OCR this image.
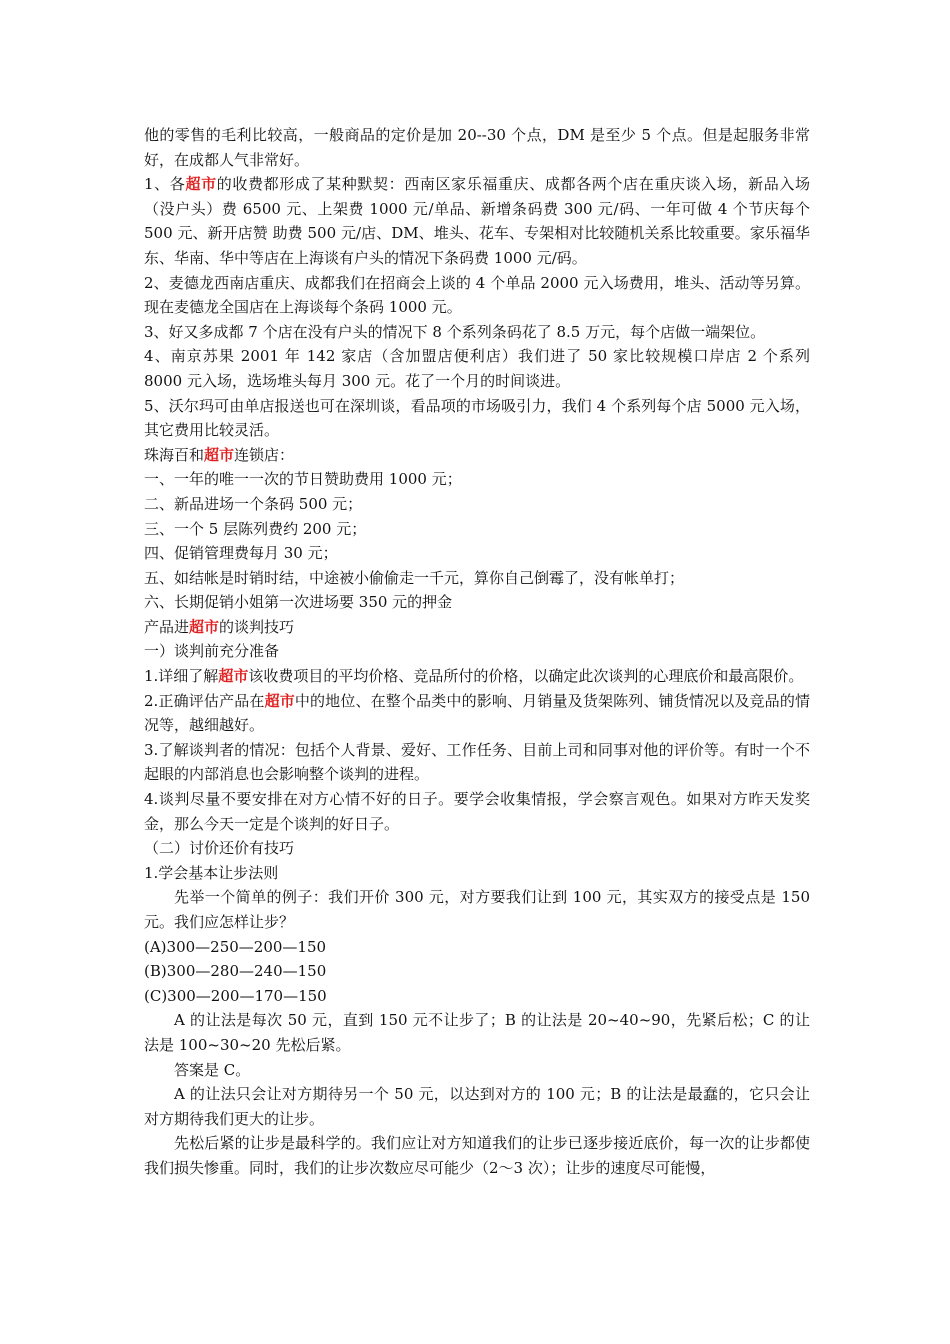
他的零售的毛利比较高，一般商品的定价是加 20--30 个点，DM 是至少 5 个点。但是起服务非常好，在成都人气非常好。

1、各超市的收费都形成了某种默契：西南区家乐福重庆、成都各两个店在重庆谈入场，新品入场（没户头）费 6500 元、上架费 1000 元/单品、新增条码费 300 元/码、一年可做 4 个节庆每个 500 元、新开店赞 助费 500 元/店、DM、堆头、花车、专架相对比较随机关系比较重要。家乐福华东、华南、华中等店在上海谈有户头的情况下条码费 1000 元/码。

2、麦德龙西南店重庆、成都我们在招商会上谈的 4 个单品 2000 元入场费用，堆头、活动等另算。现在麦德龙全国店在上海谈每个条码 1000 元。

3、好又多成都 7 个店在没有户头的情况下 8 个系列条码花了 8.5 万元，每个店做一端架位。

4、南京苏果 2001 年 142 家店（含加盟店便利店）我们进了 50 家比较规模口岸店 2 个系列 8000 元入场，选场堆头每月 300 元。花了一个月的时间谈进。

5、沃尔玛可由单店报送也可在深圳谈，看品项的市场吸引力，我们 4 个系列每个店 5000 元入场，其它费用比较灵活。

珠海百和超市连锁店：

一、一年的唯一一次的节日赞助费用 1000 元；

二、新品进场一个条码 500 元；

三、一个 5 层陈列费约 200 元；

四、促销管理费每月 30 元；

五、如结帐是时销时结，中途被小偷偷走一千元，算你自己倒霉了，没有帐单打；

六、长期促销小姐第一次进场要 350 元的押金

产品进超市的谈判技巧

一）谈判前充分准备

1.详细了解超市该收费项目的平均价格、竞品所付的价格，以确定此次谈判的心理底价和最高限价。

2.正确评估产品在超市中的地位、在整个品类中的影响、月销量及货架陈列、铺货情况以及竞品的情况等，越细越好。

3.了解谈判者的情况：包括个人背景、爱好、工作任务、目前上司和同事对他的评价等。有时一个不起眼的内部消息也会影响整个谈判的进程。

4.谈判尽量不要安排在对方心情不好的日子。要学会收集情报，学会察言观色。如果对方昨天发奖金，那么今天一定是个谈判的好日子。

（二）讨价还价有技巧

1.学会基本让步法则

先举一个简单的例子：我们开价 300 元，对方要我们让到 100 元，其实双方的接受点是 150 元。我们应怎样让步？

(A)300—250—200—150

(B)300—280—240—150

(C)300—200—170—150

A 的让法是每次 50 元，直到 150 元不让步了；B 的让法是 20~40~90，先紧后松；C 的让法是 100~30~20 先松后紧。

答案是 C。

A 的让法只会让对方期待另一个 50 元，以达到对方的 100 元；B 的让法是最蠢的，它只会让对方期待我们更大的让步。

先松后紧的让步是最科学的。我们应让对方知道我们的让步已逐步接近底价，每一次的让步都使我们损失惨重。同时，我们的让步次数应尽可能少（2～3 次）；让步的速度尽可能慢，
